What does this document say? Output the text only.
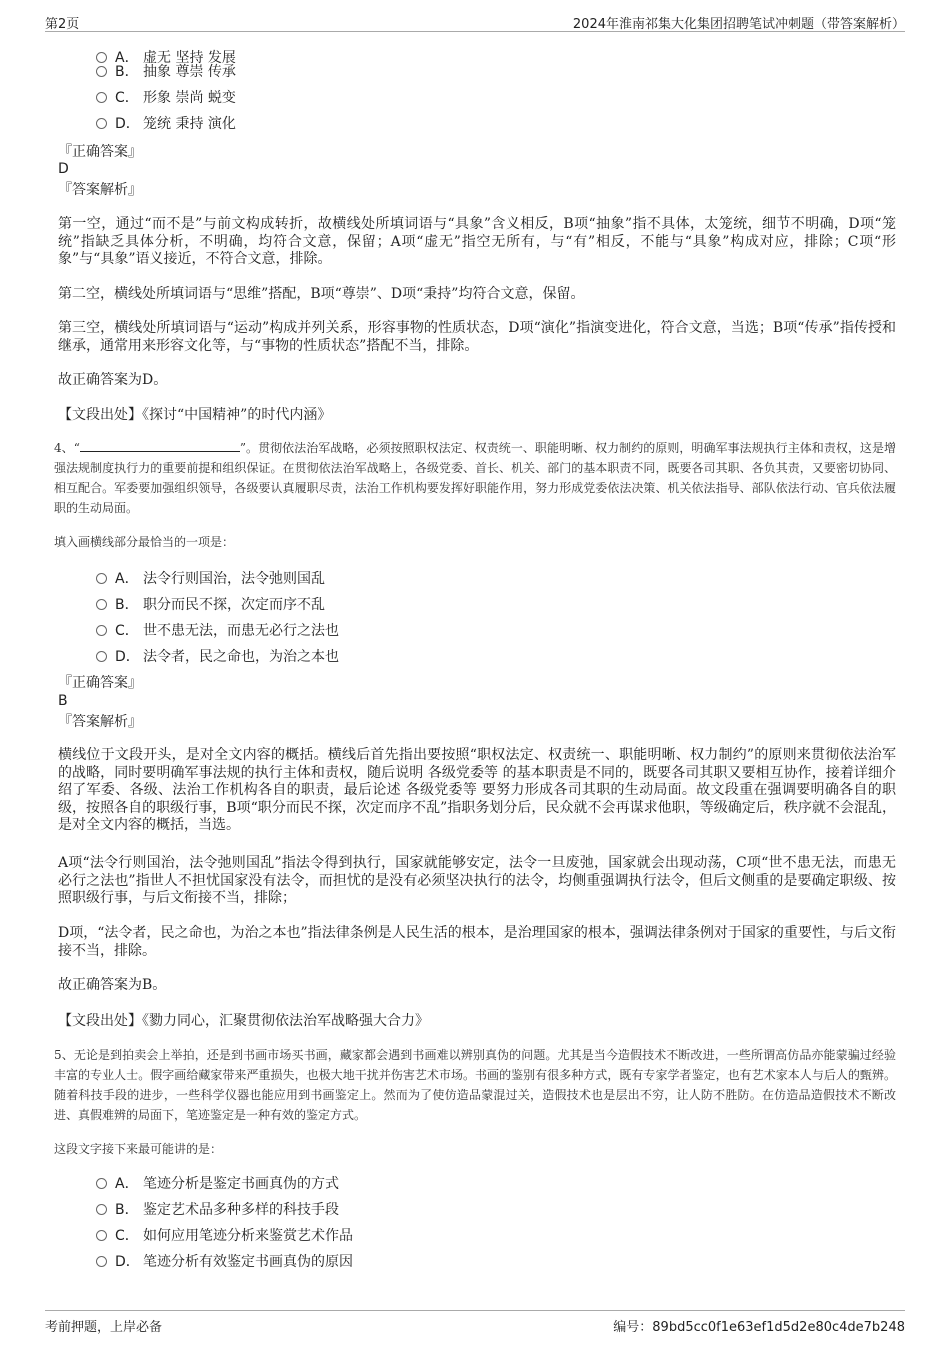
第2页	2024年淮南祁集大化集团招聘笔试冲刺题（带答案解析）
A． 虚无 坚持 发展
B． 抽象 尊崇 传承
C． 形象 崇尚 蜕变
D． 笼统 秉持 演化
『正确答案』
D
『答案解析』
第一空，通过“而不是”与前文构成转折，故横线处所填词语与“具象”含义相反，B项“抽象”指不具体，太笼统，细节不明确，D项“笼统”指缺乏具体分析，不明确，均符合文意，保留；A项“虚无”指空无所有，与“有”相反，不能与“具象”构成对应，排除；C项“形象”与“具象”语义接近，不符合文意，排除。
第二空，横线处所填词语与“思维”搭配，B项“尊崇”、D项“秉持”均符合文意，保留。
第三空，横线处所填词语与“运动”构成并列关系，形容事物的性质状态，D项“演化”指演变进化，符合文意，当选；B项“传承”指传授和继承，通常用来形容文化等，与“事物的性质状态”搭配不当，排除。
故正确答案为D。
【文段出处】《探讨“中国精神”的时代内涵》
4、“	”。贯彻依法治军战略，必须按照职权法定、权责统一、职能明晰、权力制约的原则，明确军事法规执行主体和责权，这是增强法规制度执行力的重要前提和组织保证。在贯彻依法治军战略上，各级党委、首长、机关、部门的基本职责不同，既要各司其职、各负其责，又要密切协同、相互配合。军委要加强组织领导，各级要认真履职尽责，法治工作机构要发挥好职能作用，努力形成党委依法决策、机关依法指导、部队依法行动、官兵依法履职的生动局面。
填入画横线部分最恰当的一项是：
A． 法令行则国治，法令弛则国乱
B． 职分而民不探，次定而序不乱
C． 世不患无法，而患无必行之法也
D． 法令者，民之命也，为治之本也
『正确答案』
B
『答案解析』
横线位于文段开头，是对全文内容的概括。横线后首先指出要按照“职权法定、权责统一、职能明晰、权力制约”的原则来贯彻依法治军的战略，同时要明确军事法规的执行主体和责权，随后说明 各级党委等 的基本职责是不同的，既要各司其职又要相互协作，接着详细介绍了军委、各级、法治工作机构各自的职责，最后论述 各级党委等 要努力形成各司其职的生动局面。故文段重在强调要明确各自的职级，按照各自的职级行事，B项“职分而民不探，次定而序不乱”指职务划分后，民众就不会再谋求他职，等级确定后，秩序就不会混乱，是对全文内容的概括，当选。
A项“法令行则国治，法令弛则国乱”指法令得到执行，国家就能够安定，法令一旦废弛，国家就会出现动荡，C项“世不患无法，而患无必行之法也”指世人不担忧国家没有法令，而担忧的是没有必须坚决执行的法令，均侧重强调执行法令，但后文侧重的是要确定职级、按照职级行事，与后文衔接不当，排除；
D项，“法令者，民之命也，为治之本也”指法律条例是人民生活的根本，是治理国家的根本，强调法律条例对于国家的重要性，与后文衔接不当，排除。
故正确答案为B。
【文段出处】《勠力同心，汇聚贯彻依法治军战略强大合力》
5、无论是到拍卖会上举拍，还是到书画市场买书画，藏家都会遇到书画难以辨别真伪的问题。尤其是当今造假技术不断改进，一些所谓高仿品亦能蒙骗过经验丰富的专业人士。假字画给藏家带来严重损失，也极大地干扰并伤害艺术市场。书画的鉴别有很多种方式，既有专家学者鉴定，也有艺术家本人与后人的甄辨。随着科技手段的进步，一些科学仪器也能应用到书画鉴定上。然而为了使仿造品蒙混过关，造假技术也是层出不穷，让人防不胜防。在仿造品造假技术不断改进、真假难辨的局面下，笔迹鉴定是一种有效的鉴定方式。
这段文字接下来最可能讲的是：
A． 笔迹分析是鉴定书画真伪的方式
B． 鉴定艺术品多种多样的科技手段
C． 如何应用笔迹分析来鉴赏艺术作品
D． 笔迹分析有效鉴定书画真伪的原因
考前押题，上岸必备	编号：89bd5cc0f1e63ef1d5d2e80c4de7b248
